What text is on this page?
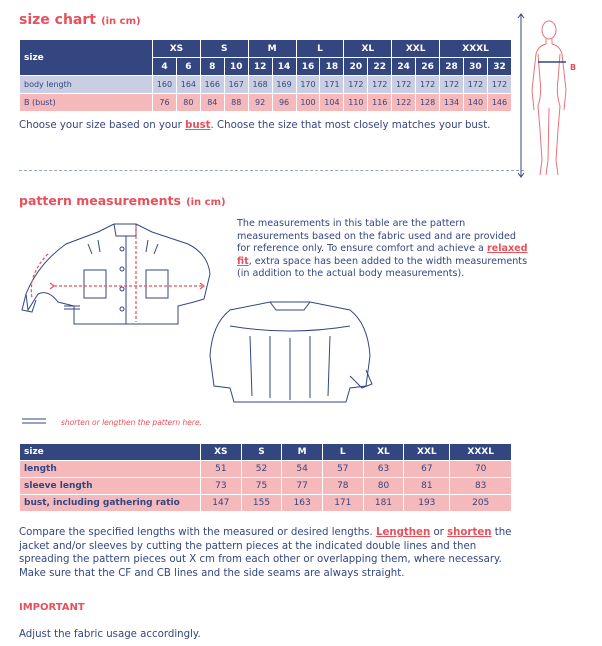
size chart (in cm)
size	XS		S		M		L		XL		XXL		XXXL		
	4	6	8	10	12	14	16	18	20	22	24	26	28	30	32
body length	160	164	166	167	168	169	170	171	172	172	172	172	172	172	172
B (bust)	76	80	84	88	92	96	100	104	110	116	122	128	134	140	146
Choose your size based on your bust. Choose the size that most closely matches your bust.
B
pattern measurements (in cm)
The measurements in this table are the pattern measurements based on the fabric used and are provided for reference only. To ensure comfort and achieve a relaxed fit, extra space has been added to the width measurements (in addition to the actual body measurements).
shorten or lengthen the pattern here.
size	XS	S	M	L	XL	XXL	XXXL
length	51	52	54	57	63	67	70
sleeve length	73	75	77	78	80	81	83
bust, including gathering ratio	147	155	163	171	181	193	205
Compare the specified lengths with the measured or desired lengths. Lengthen or shorten the jacket and/or sleeves by cutting the pattern pieces at the indicated double lines and then spreading the pattern pieces out X cm from each other or overlapping them, where necessary. Make sure that the CF and CB lines and the side seams are always straight.
IMPORTANT
Adjust the fabric usage accordingly.
